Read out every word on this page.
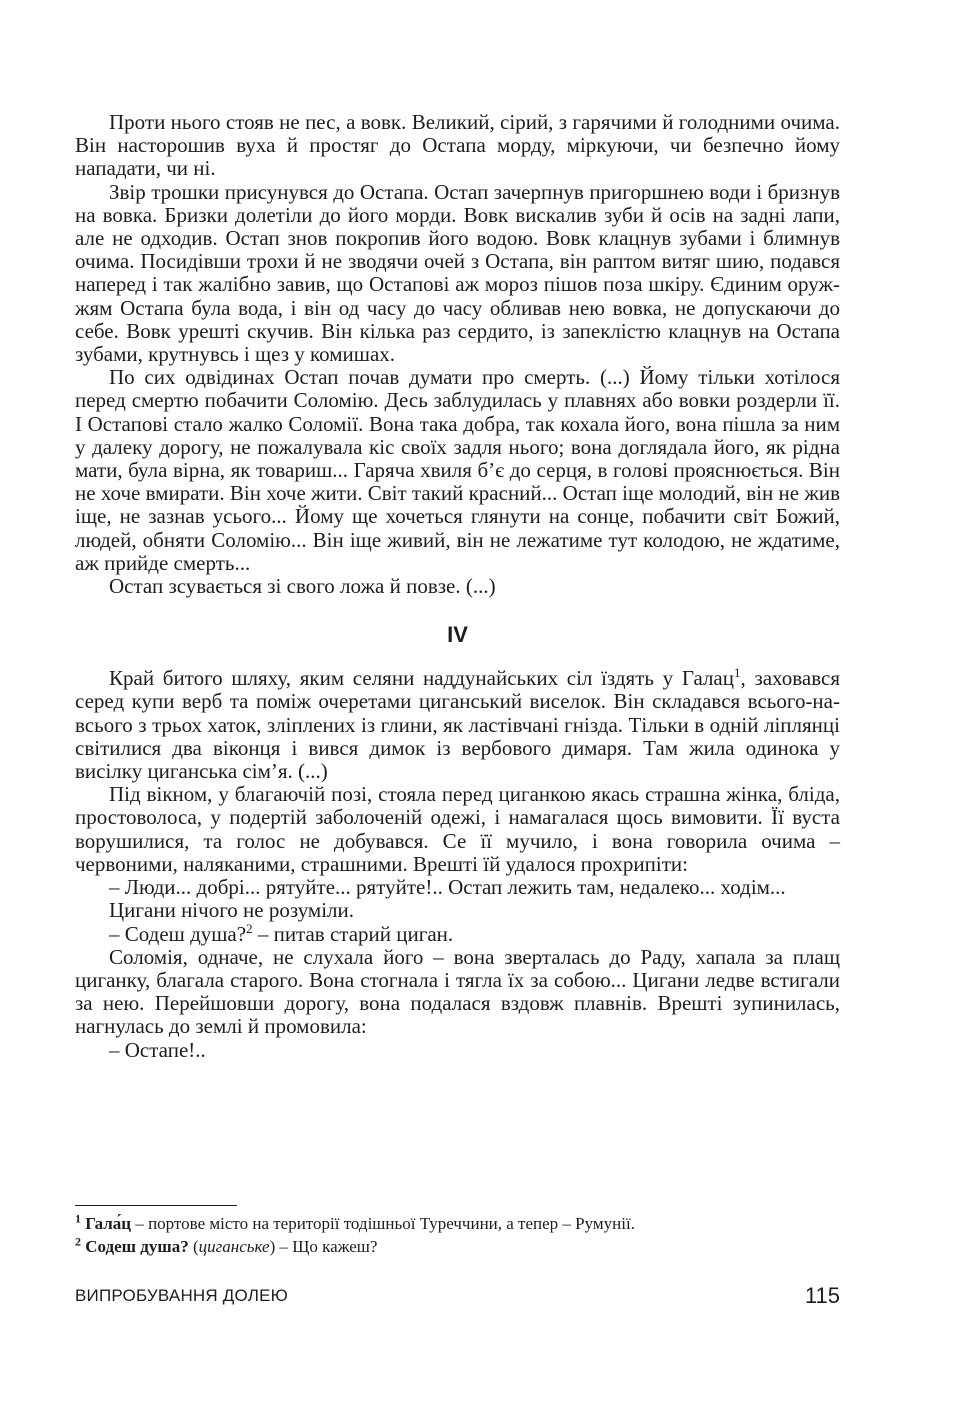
Проти нього стояв не пес, а вовк. Великий, сірий, з гарячими й голодними очима. Він насторошив вуха й простяг до Остапа морду, міркуючи, чи безпечно йому нападати, чи ні.

Звір трошки присунувся до Остапа. Остап зачерпнув пригоршнею води і бризнув на вовка. Бризки долетіли до його морди. Вовк вискалив зуби й осів на задні лапи, але не одходив. Остап знов покропив його водою. Вовк клацнув зубами і блимнув очима. Посидівши трохи й не зводячи очей з Остапа, він раптом витяг шию, подався наперед і так жалібно завив, що Остапові аж мороз пішов поза шкіру. Єдиним оружжям Остапа була вода, і він од часу до часу обливав нею вовка, не допускаючи до себе. Вовк урешті скучив. Він кілька раз сердито, із запеклістю клацнув на Остапа зубами, крутнувсь і щез у комишах.

По сих одвідинах Остап почав думати про смерть. (...) Йому тільки хотілося перед смертю побачити Соломію. Десь заблудилась у плавнях або вовки роздерли її. І Остапові стало жалко Соломії. Вона така добра, так кохала його, вона пішла за ним у далеку дорогу, не пожалувала кіс своїх задля нього; вона доглядала його, як рідна мати, була вірна, як товариш... Гаряча хвиля б’є до серця, в голові прояснюється. Він не хоче вмирати. Він хоче жити. Світ такий красний... Остап іще молодий, він не жив іще, не зазнав усього... Йому ще хочеться глянути на сонце, побачити світ Божий, людей, обняти Соломію... Він іще живий, він не лежатиме тут колодою, не ждатиме, аж прийде смерть...

Остап зсувається зі свого ложа й повзе. (...)

IV

Край битого шляху, яким селяни наддунайських сіл їздять у Галац$^1$, заховався серед купи верб та поміж очеретами циганський виселок. Він складався всього-на-всього з трьох хаток, зліплених із глини, як ластівчані гнізда. Тільки в одній ліплянці світилися два віконця і вився димок із вербового димаря. Там жила одинока у висілку циганська сім’я. (...)

Під вікном, у благаючій позі, стояла перед циганкою якась страшна жінка, бліда, простоволоса, у подертій заболоченій одежі, і намагалася щось вимовити. Її вуста ворушилися, та голос не добувався. Се її мучило, і вона говорила очима – червоними, наляканими, страшними. Врешті їй удалося прохрипіти:

– Люди... добрі... рятуйте... рятуйте!.. Остап лежить там, недалеко... ходім...

Цигани нічого не розуміли.

– Содеш душа?$^2$ – питав старий циган.

Соломія, одначе, не слухала його – вона зверталась до Раду, хапала за плащ циганку, благала старого. Вона стогнала і тягла їх за собою... Цигани ледве встигали за нею. Перейшовши дорогу, вона подалася вздовж плавнів. Врешті зупинилась, нагнулась до землі й промовила:

– Остапе!..

$^1$ Гала́ц – портове місто на території тодішньої Туреччини, а тепер – Румунії.

$^2$ Содеш душа? (циганське) – Що кажеш?

ВИПРОБУВАННЯ ДОЛЕЮ	115
